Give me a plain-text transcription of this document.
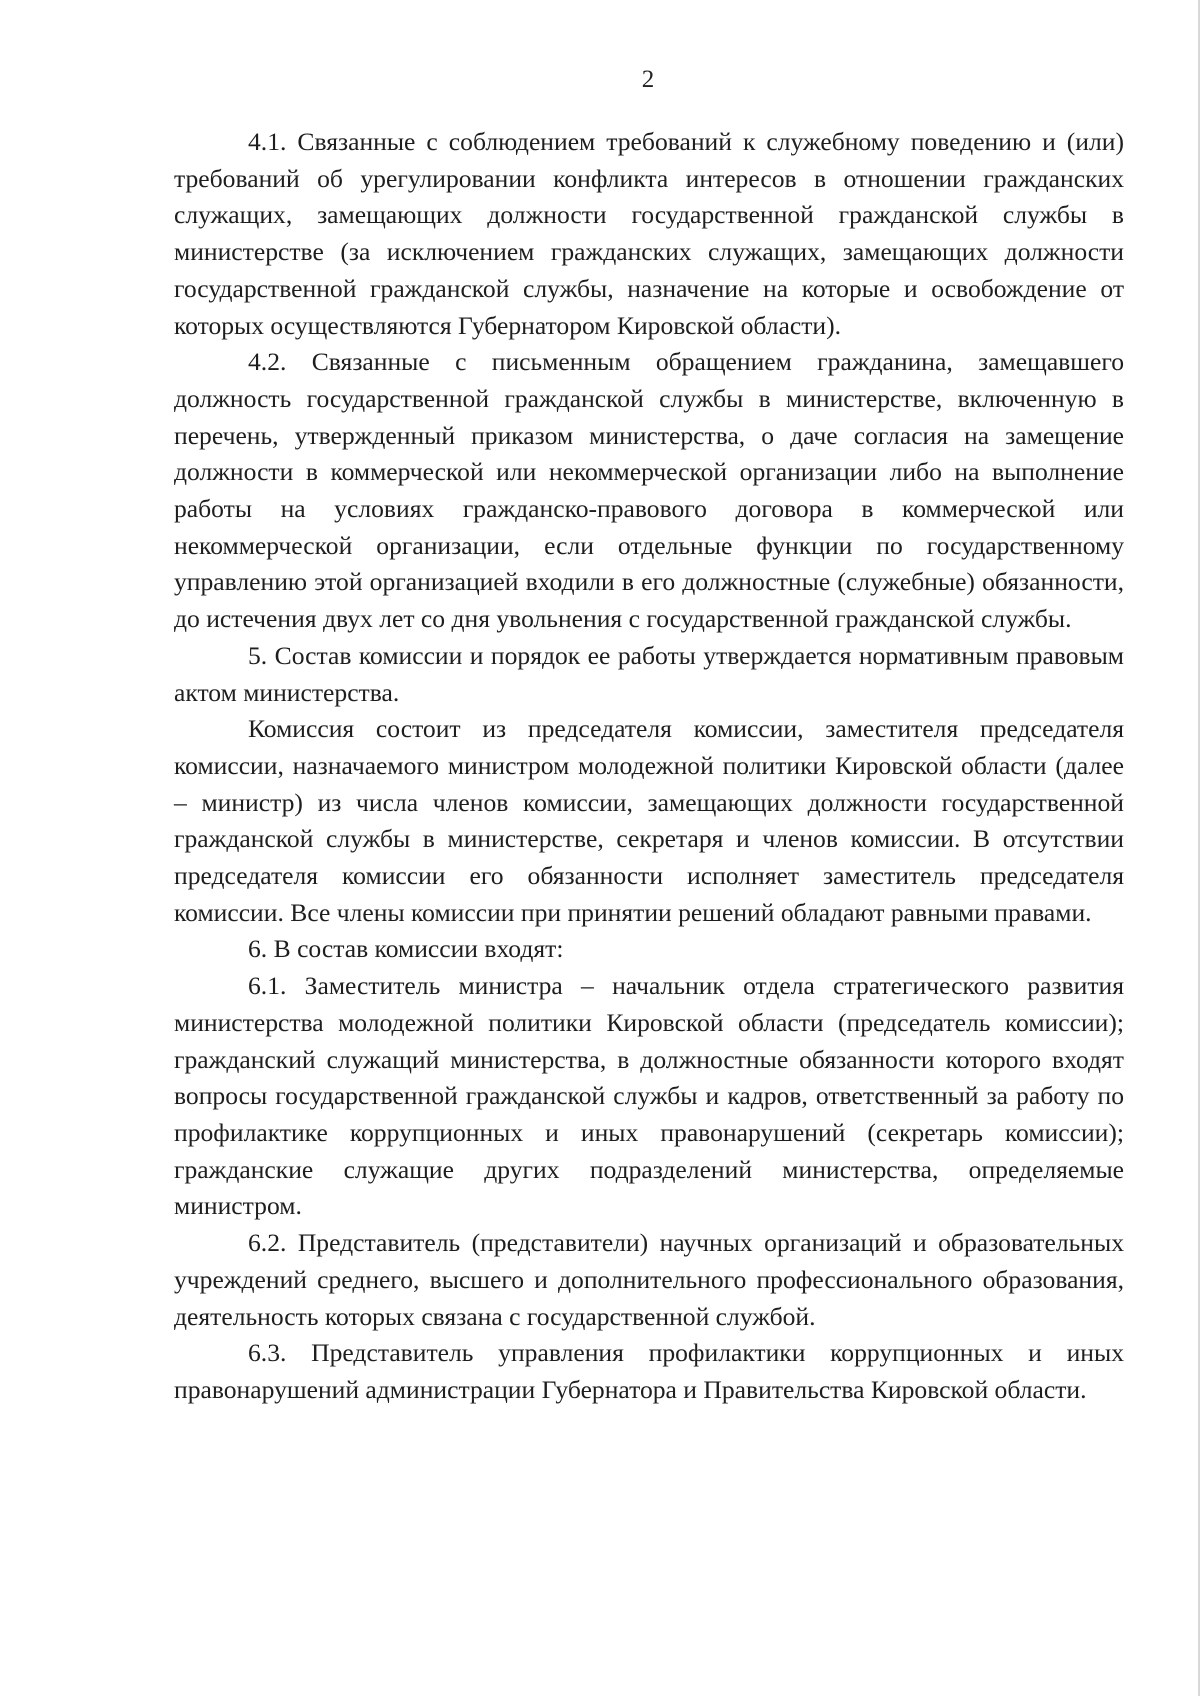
2

4.1. Связанные с соблюдением требований к служебному поведению и (или) требований об урегулировании конфликта интересов в отношении гражданских служащих, замещающих должности государственной гражданской службы в министерстве (за исключением гражданских служащих, замещающих должности государственной гражданской службы, назначение на которые и освобождение от которых осуществляются Губернатором Кировской области).

4.2. Связанные с письменным обращением гражданина, замещавшего должность государственной гражданской службы в министерстве, включенную в перечень, утвержденный приказом министерства, о даче согласия на замещение должности в коммерческой или некоммерческой организации либо на выполнение работы на условиях гражданско-правового договора в коммерческой или некоммерческой организации, если отдельные функции по государственному управлению этой организацией входили в его должностные (служебные) обязанности, до истечения двух лет со дня увольнения с государственной гражданской службы.

5. Состав комиссии и порядок ее работы утверждается нормативным правовым актом министерства.

Комиссия состоит из председателя комиссии, заместителя председателя комиссии, назначаемого министром молодежной политики Кировской области (далее – министр) из числа членов комиссии, замещающих должности государственной гражданской службы в министерстве, секретаря и членов комиссии. В отсутствии председателя комиссии его обязанности исполняет заместитель председателя комиссии. Все члены комиссии при принятии решений обладают равными правами.

6. В состав комиссии входят:

6.1. Заместитель министра – начальник отдела стратегического развития министерства молодежной политики Кировской области (председатель комиссии); гражданский служащий министерства, в должностные обязанности которого входят вопросы государственной гражданской службы и кадров, ответственный за работу по профилактике коррупционных и иных правонарушений (секретарь комиссии); гражданские служащие других подразделений министерства, определяемые министром.

6.2. Представитель (представители) научных организаций и образовательных учреждений среднего, высшего и дополнительного профессионального образования, деятельность которых связана с государственной службой.

6.3. Представитель управления профилактики коррупционных и иных правонарушений администрации Губернатора и Правительства Кировской области.
